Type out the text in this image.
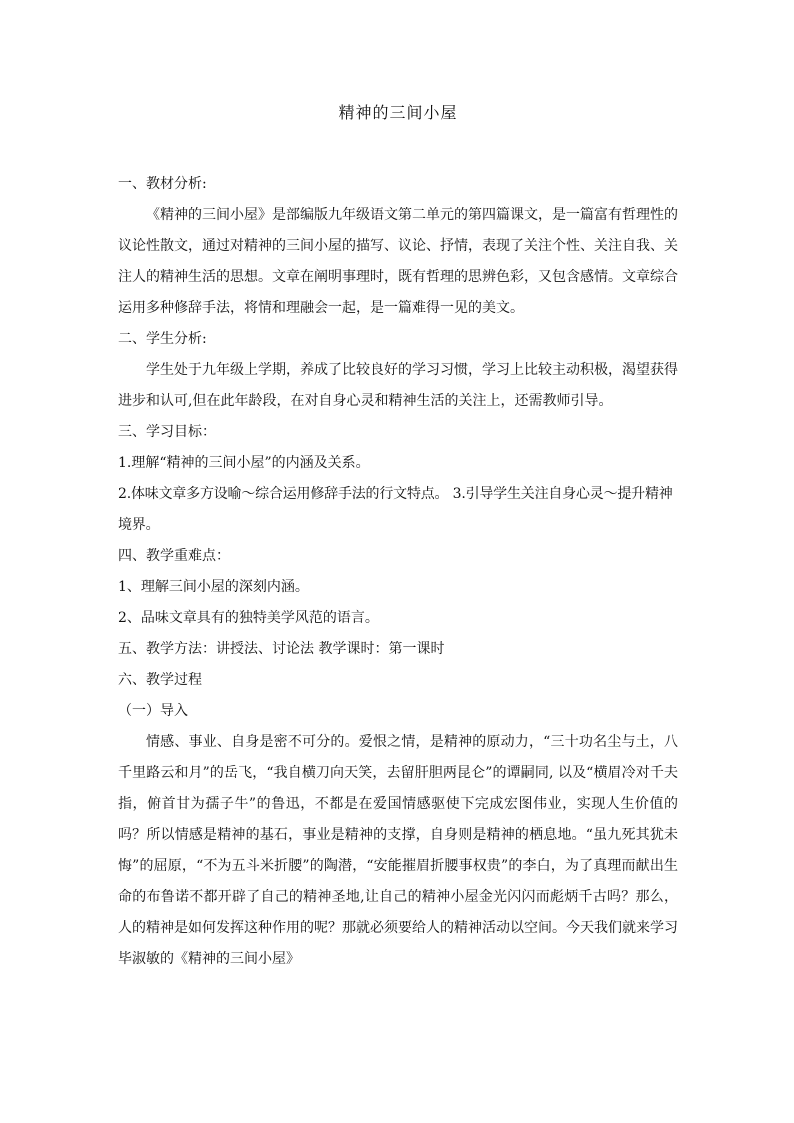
精神的三间小屋

一、教材分析:

《精神的三间小屋》是部编版九年级语文第二单元的第四篇课文，是一篇富有哲理性的议论性散文，通过对精神的三间小屋的描写、议论、抒情，表现了关注个性、关注自我、关注人的精神生活的思想。文章在阐明事理时，既有哲理的思辨色彩，又包含感情。文章综合运用多种修辞手法，将情和理融会一起，是一篇难得一见的美文。

二、学生分析:

学生处于九年级上学期，养成了比较良好的学习习惯，学习上比较主动积极，渴望获得进步和认可,但在此年龄段，在对自身心灵和精神生活的关注上，还需教师引导。

三、学习目标：

1.理解“精神的三间小屋”的内涵及关系。

2.体味文章多方设喻～综合运用修辞手法的行文特点。 3.引导学生关注自身心灵～提升精神境界。

四、教学重难点：

1、理解三间小屋的深刻内涵。

2、品味文章具有的独特美学风范的语言。

五、教学方法：讲授法、讨论法 教学课时：第一课时

六、教学过程

（一）导入

情感、事业、自身是密不可分的。爱恨之情，是精神的原动力，“三十功名尘与土，八千里路云和月”的岳飞，“我自横刀向天笑，去留肝胆两昆仑”的谭嗣同, 以及“横眉冷对千夫指，俯首甘为孺子牛”的鲁迅，不都是在爱国情感驱使下完成宏图伟业，实现人生价值的吗？所以情感是精神的基石，事业是精神的支撑，自身则是精神的栖息地。“虽九死其犹未悔”的屈原，“不为五斗米折腰”的陶潜，“安能摧眉折腰事权贵”的李白，为了真理而献出生命的布鲁诺不都开辟了自己的精神圣地,让自己的精神小屋金光闪闪而彪炳千古吗？那么，人的精神是如何发挥这种作用的呢？那就必须要给人的精神活动以空间。今天我们就来学习毕淑敏的《精神的三间小屋》
